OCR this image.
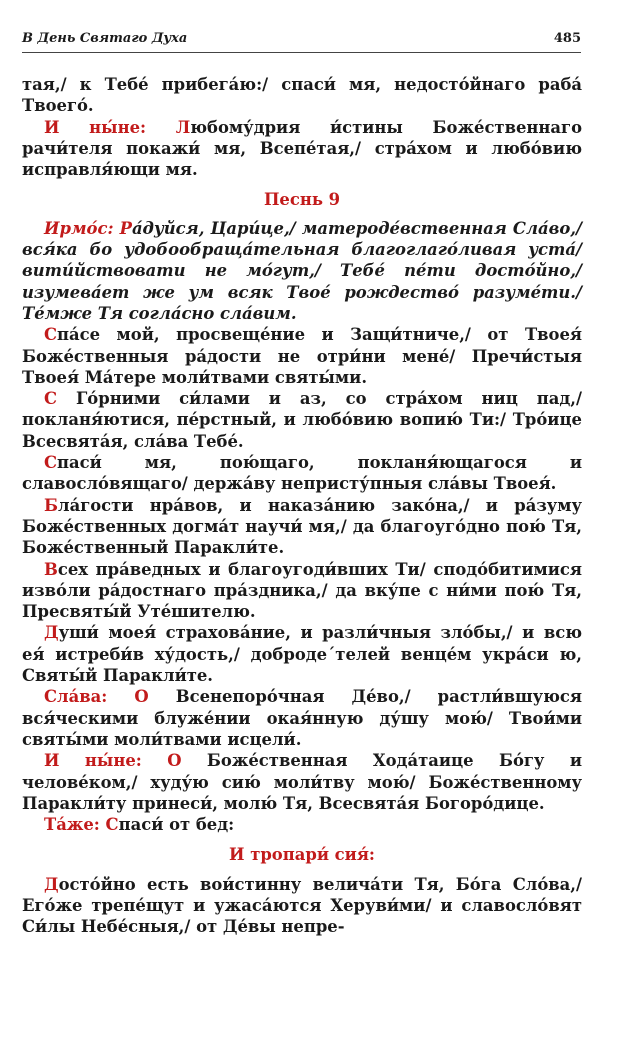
В День Святаго Духа	485

тая,/ к Тебе́ прибега́ю:/ спаси́ мя, недосто́йнаго раба́ Твоего́.

И ны́не: Любому́дрия и́стины Боже́ственнаго рачи́теля покажи́ мя, Всепе́тая,/ стра́хом и любо́вию исправля́ющи мя.

Песнь 9

Ирмо́с: Ра́дуйся, Цари́це,/ матероде́вственная Сла́во,/ вся́ка бо удобообраща́тельная благоглаго́ливая уста́/ вити́йствовати не мо́гут,/ Тебе́ пе́ти досто́йно,/ изумева́ет же ум всяк Твое́ рождество́ разуме́ти./ Те́мже Тя согла́сно сла́вим.

Спа́се мой, просвеще́ние и Защи́тниче,/ от Твоея́ Боже́ственныя ра́дости не отри́ни мене́/ Пречи́стыя Твоея́ Ма́тере моли́твами святы́ми.

С Го́рними си́лами и аз, со стра́хом ниц пад,/ покланя́ютися, пе́рстный, и любо́вию вопию́ Ти:/ Тро́ице Всесвята́я, сла́ва Тебе́.

Спаси́ мя, пою́щаго, покланя́ющагося и славосло́вящаго/ держа́ву непристу́пныя сла́вы Твоея́.

Бла́гости нра́вов, и наказа́нию зако́на,/ и ра́зуму Боже́ственных догма́т научи́ мя,/ да благоуго́дно пою́ Тя, Боже́ственный Паракли́те.

Всех пра́ведных и благоугоди́вших Ти/ сподо́битимися изво́ли ра́достнаго пра́здника,/ да вку́пе с ни́ми пою́ Тя, Пресвяты́й Уте́шителю.

Души́ моея́ страхова́ние, и разли́чныя зло́бы,/ и всю ея́ истреби́в ху́дость,/ добродe´телей венце́м укра́си ю, Святы́й Паракли́те.

Сла́ва: О Всенепоро́чная Де́во,/ растли́вшуюся вся́ческими блуже́нии окая́нную ду́шу мою́/ Твои́ми святы́ми моли́твами исцели́.

И ны́не: О Боже́ственная Хода́таице Бо́гу и челове́ком,/ худу́ю сию́ моли́тву мою́/ Боже́ственному Паракли́ту принеси́, молю́ Тя, Всесвята́я Богоро́дице.

Та́же: Спаси́ от бед:

И тропари́ сия́:

Досто́йно есть вои́стинну велича́ти Тя, Бо́га Сло́ва,/ Его́же трепе́щут и ужаса́ются Херуви́ми/ и славосло́вят Си́лы Небе́сныя,/ от Де́вы непре-
